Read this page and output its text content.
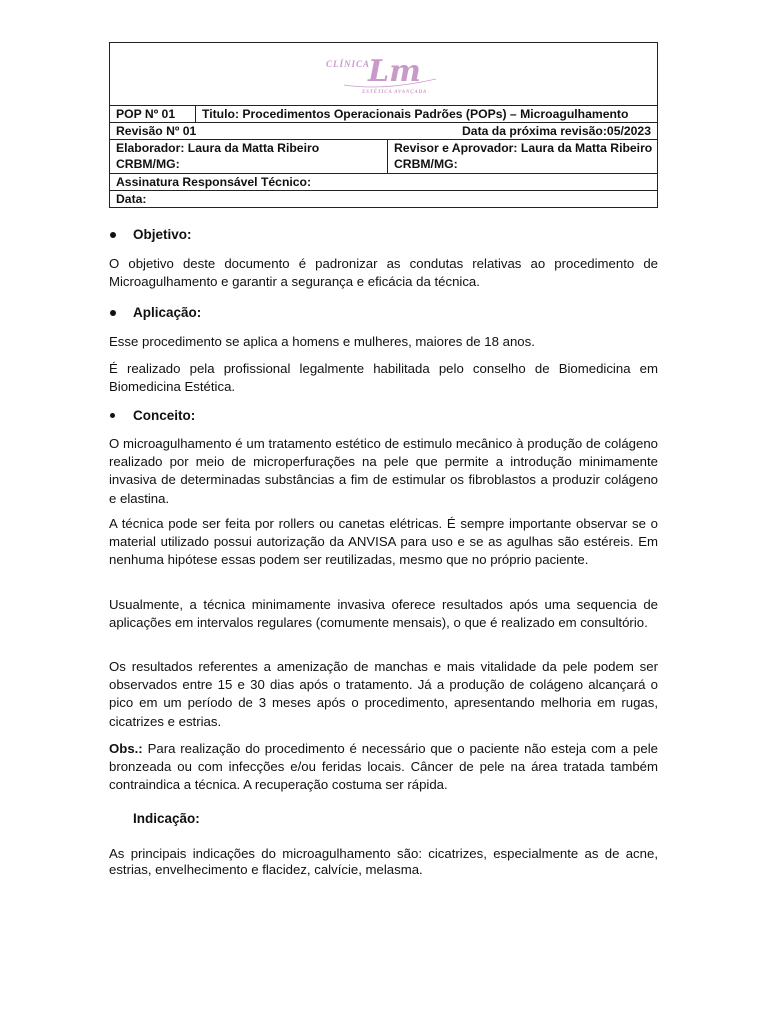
CLÍNICA
Lm
ESTÉTICA AVANÇADA
POP Nº 01	Titulo: Procedimentos Operacionais Padrões (POPs) – Microagulhamento
Revisão Nº 01	Data da próxima revisão:05/2023
Elaborador: Laura da Matta Ribeiro
CRBM/MG:
Revisor e Aprovador: Laura da Matta Ribeiro
CRBM/MG:
Assinatura Responsável Técnico:
Data:
Objetivo:

O objetivo deste documento é padronizar as condutas relativas ao procedimento de Microagulhamento e garantir a segurança e eficácia da técnica.

Aplicação:

Esse procedimento se aplica a homens e mulheres, maiores de 18 anos.

É realizado pela profissional legalmente habilitada pelo conselho de Biomedicina em Biomedicina Estética.

Conceito:

O microagulhamento é um tratamento estético de estimulo mecânico à produção de colágeno realizado por meio de microperfurações na pele que permite a introdução minimamente invasiva de determinadas substâncias a fim de estimular os fibroblastos a produzir colágeno e elastina.

A técnica pode ser feita por rollers ou canetas elétricas. É sempre importante observar se o material utilizado possui autorização da ANVISA para uso e se as agulhas são estéreis. Em nenhuma hipótese essas podem ser reutilizadas, mesmo que no próprio paciente.

Usualmente, a técnica minimamente invasiva oferece resultados após uma sequencia de aplicações em intervalos regulares (comumente mensais), o que é realizado em consultório.

Os resultados referentes a amenização de manchas e mais vitalidade da pele podem ser observados entre 15 e 30 dias após o tratamento. Já a produção de colágeno alcançará o pico em um período de 3 meses após o procedimento, apresentando melhoria em rugas, cicatrizes e estrias.

Obs.: Para realização do procedimento é necessário que o paciente não esteja com a pele bronzeada ou com infecções e/ou feridas locais. Câncer de pele na área tratada também contraindica a técnica. A recuperação costuma ser rápida.

Indicação:

As principais indicações do microagulhamento são: cicatrizes, especialmente as de acne, estrias, envelhecimento e flacidez, calvície, melasma.
